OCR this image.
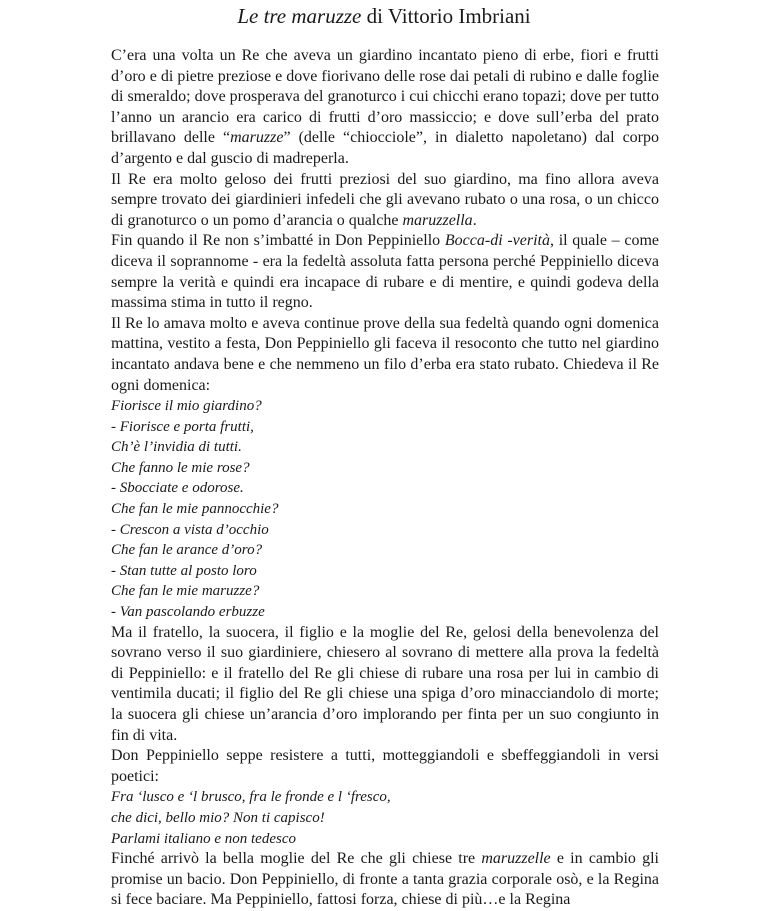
Le tre maruzze di Vittorio Imbriani

C’era una volta un Re che aveva un giardino incantato pieno di erbe, fiori e frutti d’oro e di pietre preziose e dove fiorivano delle rose dai petali di rubino e dalle foglie di smeraldo; dove prosperava del granoturco i cui chicchi erano topazi; dove per tutto l’anno un arancio era carico di frutti d’oro massiccio; e dove sull’erba del prato brillavano delle “maruzze” (delle “chiocciole”, in dialetto napoletano) dal corpo d’argento e dal guscio di madreperla.

Il Re era molto geloso dei frutti preziosi del suo giardino, ma fino allora aveva sempre trovato dei giardinieri infedeli che gli avevano rubato o una rosa, o un chicco di granoturco o un pomo d’arancia o qualche maruzzella.

Fin quando il Re non s’imbatté in Don Peppiniello Bocca-di -verità, il quale – come diceva il soprannome - era la fedeltà assoluta fatta persona perché Peppiniello diceva sempre la verità e quindi era incapace di rubare e di mentire, e quindi godeva della massima stima in tutto il regno.

Il Re lo amava molto e aveva continue prove della sua fedeltà quando ogni domenica mattina, vestito a festa, Don Peppiniello gli faceva il resoconto che tutto nel giardino incantato andava bene e che nemmeno un filo d’erba era stato rubato. Chiedeva il Re ogni domenica:

Fiorisce il mio giardino?

- Fiorisce e porta frutti,

Ch’è l’invidia di tutti.

Che fanno le mie rose?

- Sbocciate e odorose.

Che fan le mie pannocchie?

- Crescon a vista d’occhio

Che fan le arance d’oro?

- Stan tutte al posto loro

Che fan le mie maruzze?

- Van pascolando erbuzze

Ma il fratello, la suocera, il figlio e la moglie del Re, gelosi della benevolenza del sovrano verso il suo giardiniere, chiesero al sovrano di mettere alla prova la fedeltà di Peppiniello: e il fratello del Re gli chiese di rubare una rosa per lui in cambio di ventimila ducati; il figlio del Re gli chiese una spiga d’oro minacciandolo di morte; la suocera gli chiese un’arancia d’oro implorando per finta per un suo congiunto in fin di vita.

Don Peppiniello seppe resistere a tutti, motteggiandoli e sbeffeggiandoli in versi poetici:

Fra ‘lusco e ‘l brusco, fra le fronde e l ‘fresco,

che dici, bello mio? Non ti capisco!

Parlami italiano e non tedesco

Finché arrivò la bella moglie del Re che gli chiese tre maruzzelle e in cambio gli promise un bacio. Don Peppiniello, di fronte a tanta grazia corporale osò, e la Regina si fece baciare. Ma Peppiniello, fattosi forza, chiese di più…e la Regina
